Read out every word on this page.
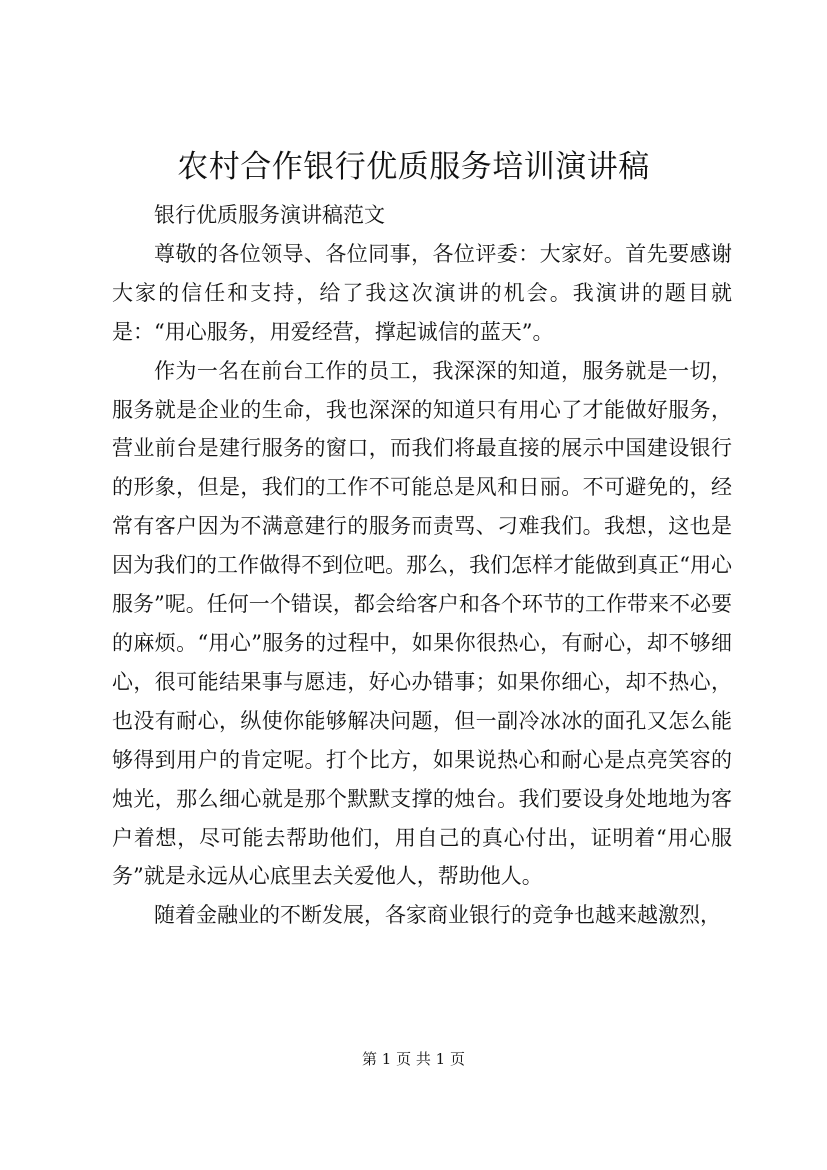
农村合作银行优质服务培训演讲稿

银行优质服务演讲稿范文

尊敬的各位领导、各位同事，各位评委：大家好。首先要感谢大家的信任和支持，给了我这次演讲的机会。我演讲的题目就是：“用心服务，用爱经营，撑起诚信的蓝天”。

作为一名在前台工作的员工，我深深的知道，服务就是一切，服务就是企业的生命，我也深深的知道只有用心了才能做好服务，营业前台是建行服务的窗口，而我们将最直接的展示中国建设银行的形象，但是，我们的工作不可能总是风和日丽。不可避免的，经常有客户因为不满意建行的服务而责骂、刁难我们。我想，这也是因为我们的工作做得不到位吧。那么，我们怎样才能做到真正“用心服务”呢。任何一个错误，都会给客户和各个环节的工作带来不必要的麻烦。“用心”服务的过程中，如果你很热心，有耐心，却不够细心，很可能结果事与愿违，好心办错事；如果你细心，却不热心，也没有耐心，纵使你能够解决问题，但一副冷冰冰的面孔又怎么能够得到用户的肯定呢。打个比方，如果说热心和耐心是点亮笑容的烛光，那么细心就是那个默默支撑的烛台。我们要设身处地地为客户着想，尽可能去帮助他们，用自己的真心付出，证明着“用心服务”就是永远从心底里去关爱他人，帮助他人。

随着金融业的不断发展，各家商业银行的竞争也越来越激烈，

第 1 页 共 1 页
